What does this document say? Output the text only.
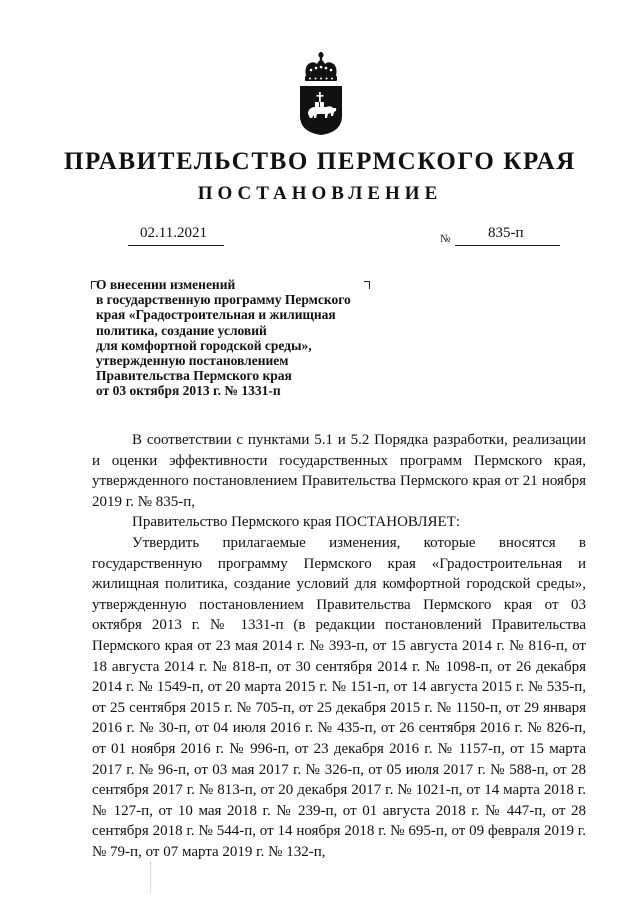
ПРАВИТЕЛЬСТВО ПЕРМСКОГО КРАЯ
ПОСТАНОВЛЕНИЕ
02.11.2021	№	835-п
О внесении изменений
в государственную программу Пермского
края «Градостроительная и жилищная
политика, создание условий
для комфортной городской среды»,
утвержденную постановлением
Правительства Пермского края
от 03 октября 2013 г. № 1331-п

В соответствии с пунктами 5.1 и 5.2 Порядка разработки, реализации и оценки эффективности государственных программ Пермского края, утвержденного постановлением Правительства Пермского края от 21 ноября 2019 г. № 835-п,

Правительство Пермского края ПОСТАНОВЛЯЕТ:

Утвердить прилагаемые изменения, которые вносятся в государственную программу Пермского края «Градостроительная и жилищная политика, создание условий для комфортной городской среды», утвержденную постановлением Правительства Пермского края от 03 октября 2013 г. № 1331-п (в редакции постановлений Правительства Пермского края от 23 мая 2014 г. № 393-п, от 15 августа 2014 г. № 816-п, от 18 августа 2014 г. № 818-п, от 30 сентября 2014 г. № 1098-п, от 26 декабря 2014 г. № 1549-п, от 20 марта 2015 г. № 151-п, от 14 августа 2015 г. № 535-п, от 25 сентября 2015 г. № 705-п, от 25 декабря 2015 г. № 1150-п, от 29 января 2016 г. № 30-п, от 04 июля 2016 г. № 435-п, от 26 сентября 2016 г. № 826-п, от 01 ноября 2016 г. № 996-п, от 23 декабря 2016 г. № 1157-п, от 15 марта 2017 г. № 96-п, от 03 мая 2017 г. № 326-п, от 05 июля 2017 г. № 588-п, от 28 сентября 2017 г. № 813-п, от 20 декабря 2017 г. № 1021-п, от 14 марта 2018 г. № 127-п, от 10 мая 2018 г. № 239-п, от 01 августа 2018 г. № 447-п, от 28 сентября 2018 г. № 544-п, от 14 ноября 2018 г. № 695-п, от 09 февраля 2019 г. № 79-п, от 07 марта 2019 г. № 132-п,
